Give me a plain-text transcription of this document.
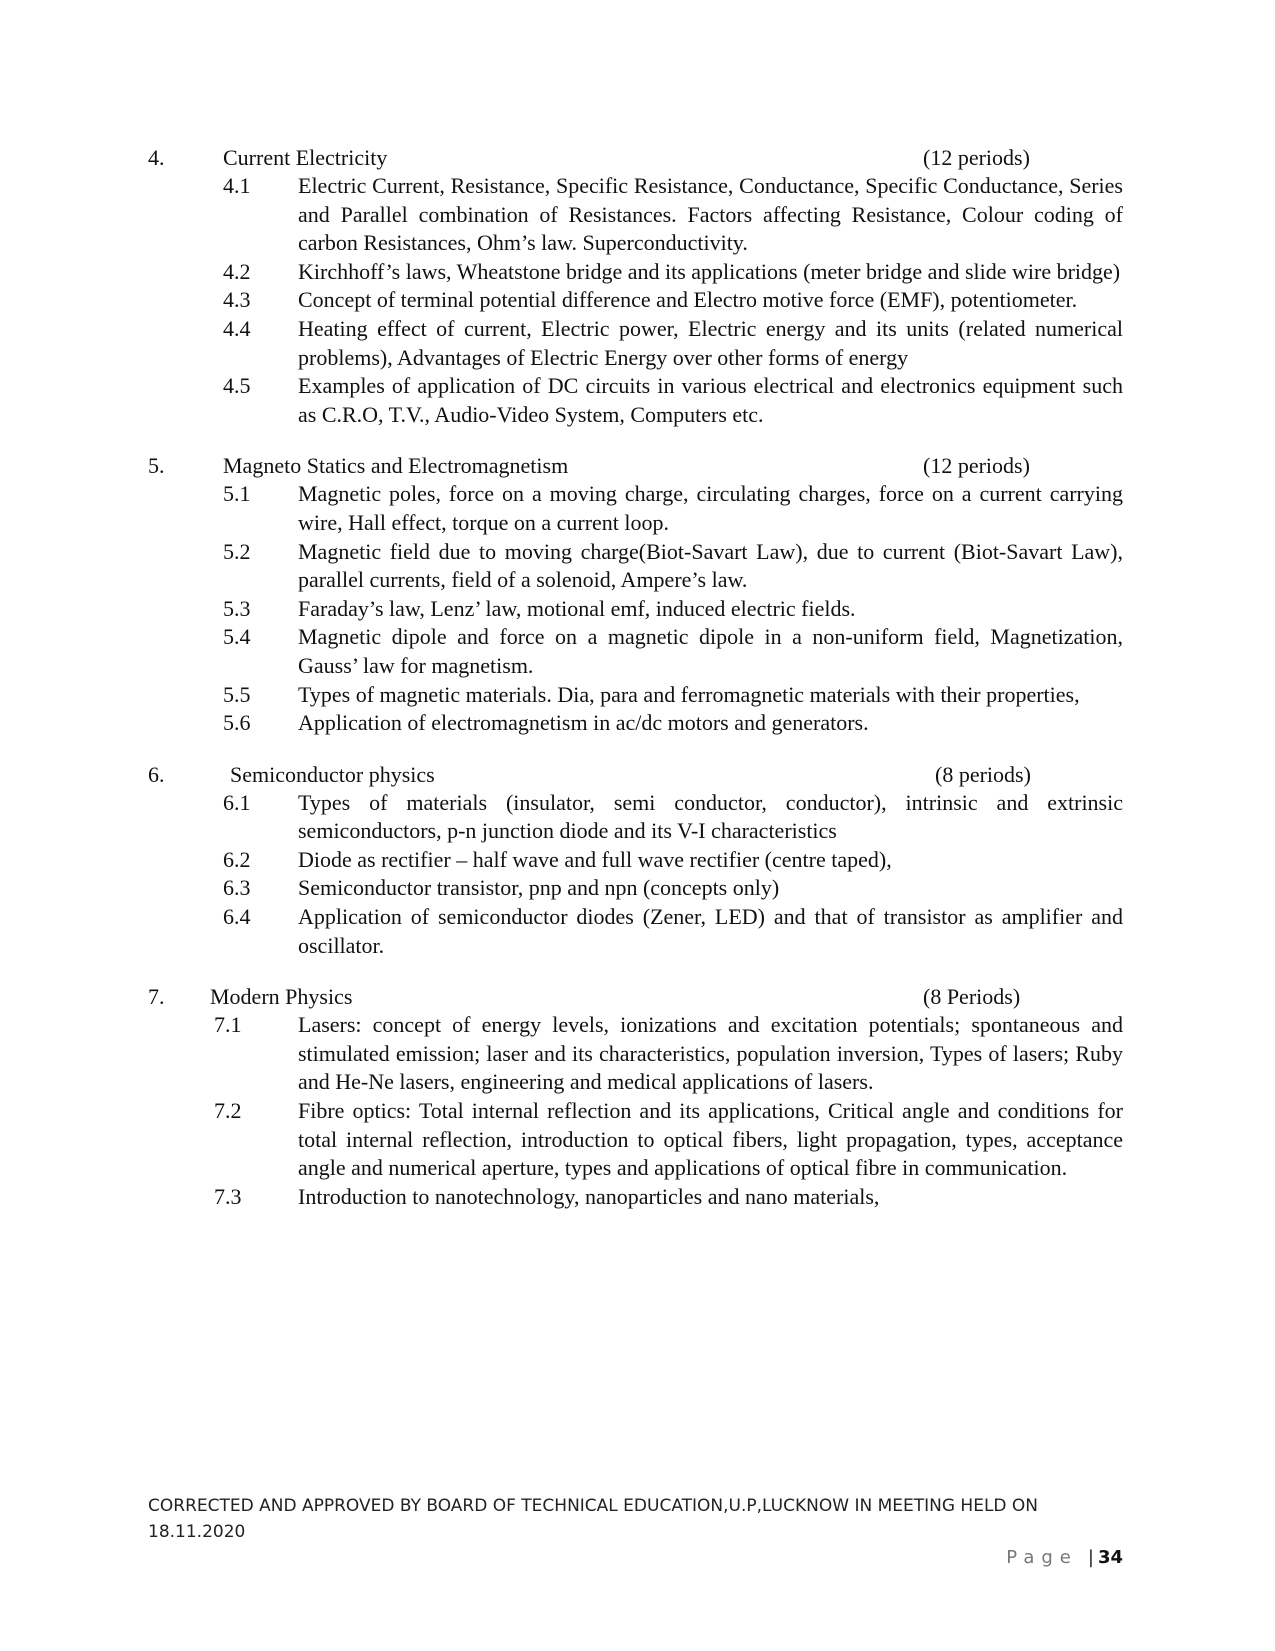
4.	Current Electricity	(12 periods)
4.1 Electric Current, Resistance, Specific Resistance, Conductance, Specific Conductance, Series and Parallel combination of Resistances. Factors affecting Resistance, Colour coding of carbon Resistances, Ohm’s law. Superconductivity.
4.2 Kirchhoff’s laws, Wheatstone bridge and its applications (meter bridge and slide wire bridge)
4.3 Concept of terminal potential difference and Electro motive force (EMF), potentiometer.
4.4 Heating effect of current, Electric power, Electric energy and its units (related numerical problems), Advantages of Electric Energy over other forms of energy
4.5 Examples of application of DC circuits in various electrical and electronics equipment such as C.R.O, T.V., Audio-Video System, Computers etc.
5.	Magneto Statics and Electromagnetism	(12 periods)
5.1 Magnetic poles, force on a moving charge, circulating charges, force on a current carrying wire, Hall effect, torque on a current loop.
5.2 Magnetic field due to moving charge(Biot-Savart Law), due to current (Biot-Savart Law), parallel currents, field of a solenoid, Ampere’s law.
5.3 Faraday’s law, Lenz’ law, motional emf, induced electric fields.
5.4 Magnetic dipole and force on a magnetic dipole in a non-uniform field, Magnetization, Gauss’ law for magnetism.
5.5 Types of magnetic materials. Dia, para and ferromagnetic materials with their properties,
5.6 Application of electromagnetism in ac/dc motors and generators.
6.	Semiconductor physics	(8 periods)
6.1 Types of materials (insulator, semi conductor, conductor), intrinsic and extrinsic semiconductors, p-n junction diode and its V-I characteristics
6.2 Diode as rectifier – half wave and full wave rectifier (centre taped),
6.3 Semiconductor transistor, pnp and npn (concepts only)
6.4 Application of semiconductor diodes (Zener, LED) and that of transistor as amplifier and oscillator.
7. Modern Physics	(8 Periods)
7.1	Lasers: concept of energy levels, ionizations and excitation potentials; spontaneous and stimulated emission; laser and its characteristics, population inversion, Types of lasers; Ruby and He-Ne lasers, engineering and medical applications of lasers.
7.2	Fibre optics: Total internal reflection and its applications, Critical angle and conditions for total internal reflection, introduction to optical fibers, light propagation, types, acceptance angle and numerical aperture, types and applications of optical fibre in communication.
7.3	Introduction to nanotechnology, nanoparticles and nano materials,
CORRECTED AND APPROVED BY BOARD OF TECHNICAL EDUCATION,U.P,LUCKNOW IN MEETING HELD ON
18.11.2020
Page | 34
